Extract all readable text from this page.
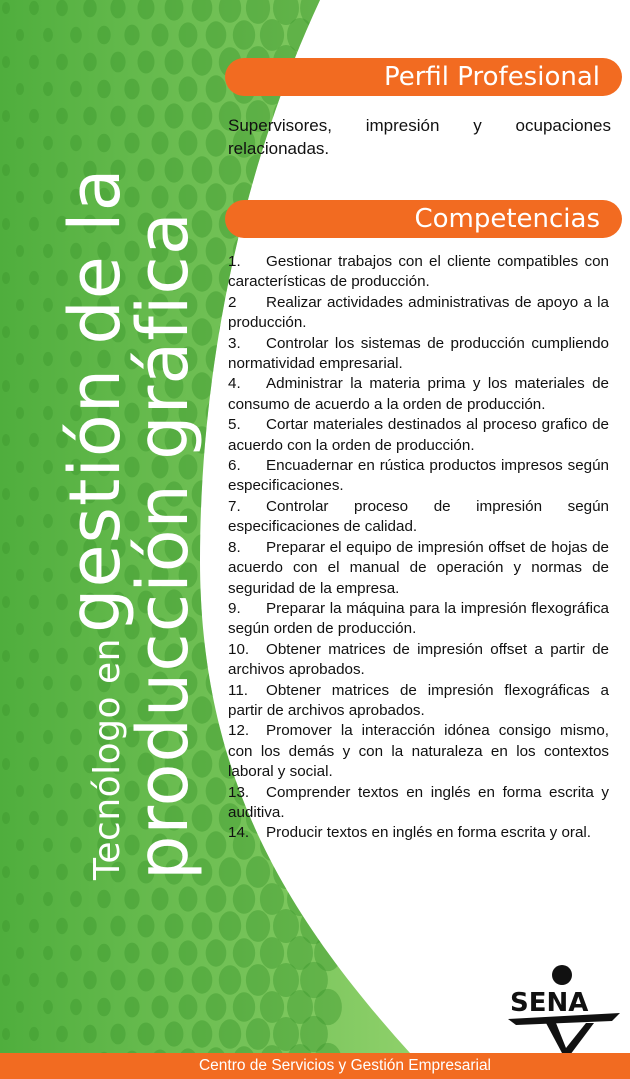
Tecnólogo en gestión de la
producción gráfica
Perfil Profesional
Supervisores, impresión y ocupaciones relacionadas.
Competencias
1. Gestionar trabajos con el cliente compatibles con características de producción.
2 Realizar actividades administrativas de apoyo a la producción.
3. Controlar los sistemas de producción cumpliendo normatividad empresarial.
4. Administrar la materia prima y los materiales de consumo de acuerdo a la orden de producción.
5. Cortar materiales destinados al proceso grafico de acuerdo con la orden de producción.
6. Encuadernar en rústica productos impresos según especificaciones.
7. Controlar proceso de impresión según especificaciones de calidad.
8. Preparar el equipo de impresión offset de hojas de acuerdo con el manual de operación y normas de seguridad de la empresa.
9. Preparar la máquina para la impresión flexográfica según orden de producción.
10. Obtener matrices de impresión offset a partir de archivos aprobados.
11. Obtener matrices de impresión flexográficas a partir de archivos aprobados.
12. Promover la interacción idónea consigo mismo, con los demás y con la naturaleza en los contextos laboral y social.
13. Comprender textos en inglés en forma escrita y auditiva.
14. Producir textos en inglés en forma escrita y oral.
SENA
Centro de Servicios y Gestión Empresarial
